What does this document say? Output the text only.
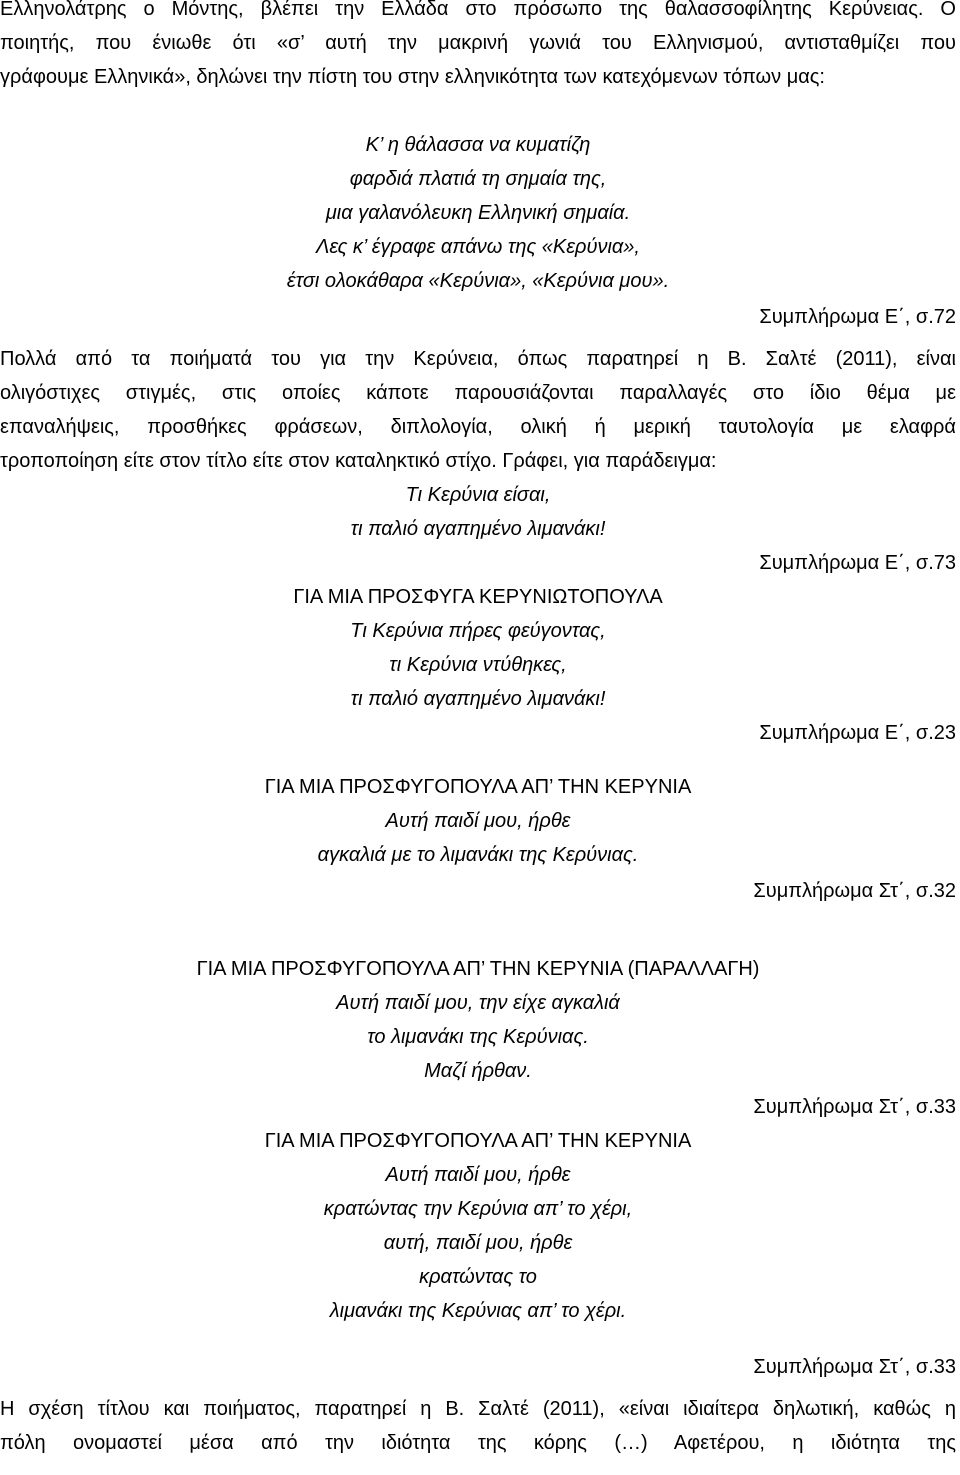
Ελληνολάτρης ο Μόντης, βλέπει την Ελλάδα στο πρόσωπο της θαλασσοφίλητης Κερύνειας. Ο
ποιητής, που ένιωθε ότι «σ’ αυτή την μακρινή γωνιά του Ελληνισμού, αντισταθμίζει που
γράφουμε Ελληνικά», δηλώνει την πίστη του στην ελληνικότητα των κατεχόμενων τόπων μας:
Κ’ η θάλασσα να κυματίζη
φαρδιά πλατιά τη σημαία της,
μια γαλανόλευκη Ελληνική σημαία.
Λες κ’ έγραφε απάνω της «Κερύνια»,
έτσι ολοκάθαρα «Κερύνια», «Κερύνια μου».
Συμπλήρωμα Ε΄, σ.72
Πολλά από τα ποιήματά του για την Κερύνεια, όπως παρατηρεί η Β. Σαλτέ (2011), είναι
ολιγόστιχες στιγμές, στις οποίες κάποτε παρουσιάζονται παραλλαγές στο ίδιο θέμα με
επαναλήψεις, προσθήκες φράσεων, διπλολογία, ολική ή μερική ταυτολογία με ελαφρά
τροποποίηση είτε στον τίτλο είτε στον καταληκτικό στίχο. Γράφει, για παράδειγμα:
Τι Κερύνια είσαι,
τι παλιό αγαπημένο λιμανάκι!
Συμπλήρωμα Ε΄, σ.73
ΓΙΑ ΜΙΑ ΠΡΟΣΦΥΓΑ ΚΕΡΥΝΙΩΤΟΠΟΥΛΑ
Τι Κερύνια πήρες φεύγοντας,
τι Κερύνια ντύθηκες,
τι παλιό αγαπημένο λιμανάκι!
Συμπλήρωμα Ε΄, σ.23
ΓΙΑ ΜΙΑ ΠΡΟΣΦΥΓΟΠΟΥΛΑ ΑΠ’ ΤΗΝ ΚΕΡΥΝΙΑ
Αυτή παιδί μου, ήρθε
αγκαλιά με το λιμανάκι της Κερύνιας.
Συμπλήρωμα Στ΄, σ.32
ΓΙΑ ΜΙΑ ΠΡΟΣΦΥΓΟΠΟΥΛΑ ΑΠ’ ΤΗΝ ΚΕΡΥΝΙΑ (ΠΑΡΑΛΛΑΓΗ)
Αυτή παιδί μου, την είχε αγκαλιά
το λιμανάκι της Κερύνιας.
Μαζί ήρθαν.
Συμπλήρωμα Στ΄, σ.33
ΓΙΑ ΜΙΑ ΠΡΟΣΦΥΓΟΠΟΥΛΑ ΑΠ’ ΤΗΝ ΚΕΡΥΝΙΑ
Αυτή παιδί μου, ήρθε
κρατώντας την Κερύνια απ’ το χέρι,
αυτή, παιδί μου, ήρθε
κρατώντας το
λιμανάκι της Κερύνιας απ’ το χέρι.
Συμπλήρωμα Στ΄, σ.33
Η σχέση τίτλου και ποιήματος, παρατηρεί η Β. Σαλτέ (2011), «είναι ιδιαίτερα δηλωτική, καθώς η
πόλη ονομαστεί μέσα από την ιδιότητα της κόρης (…) Αφετέρου, η ιδιότητα της
